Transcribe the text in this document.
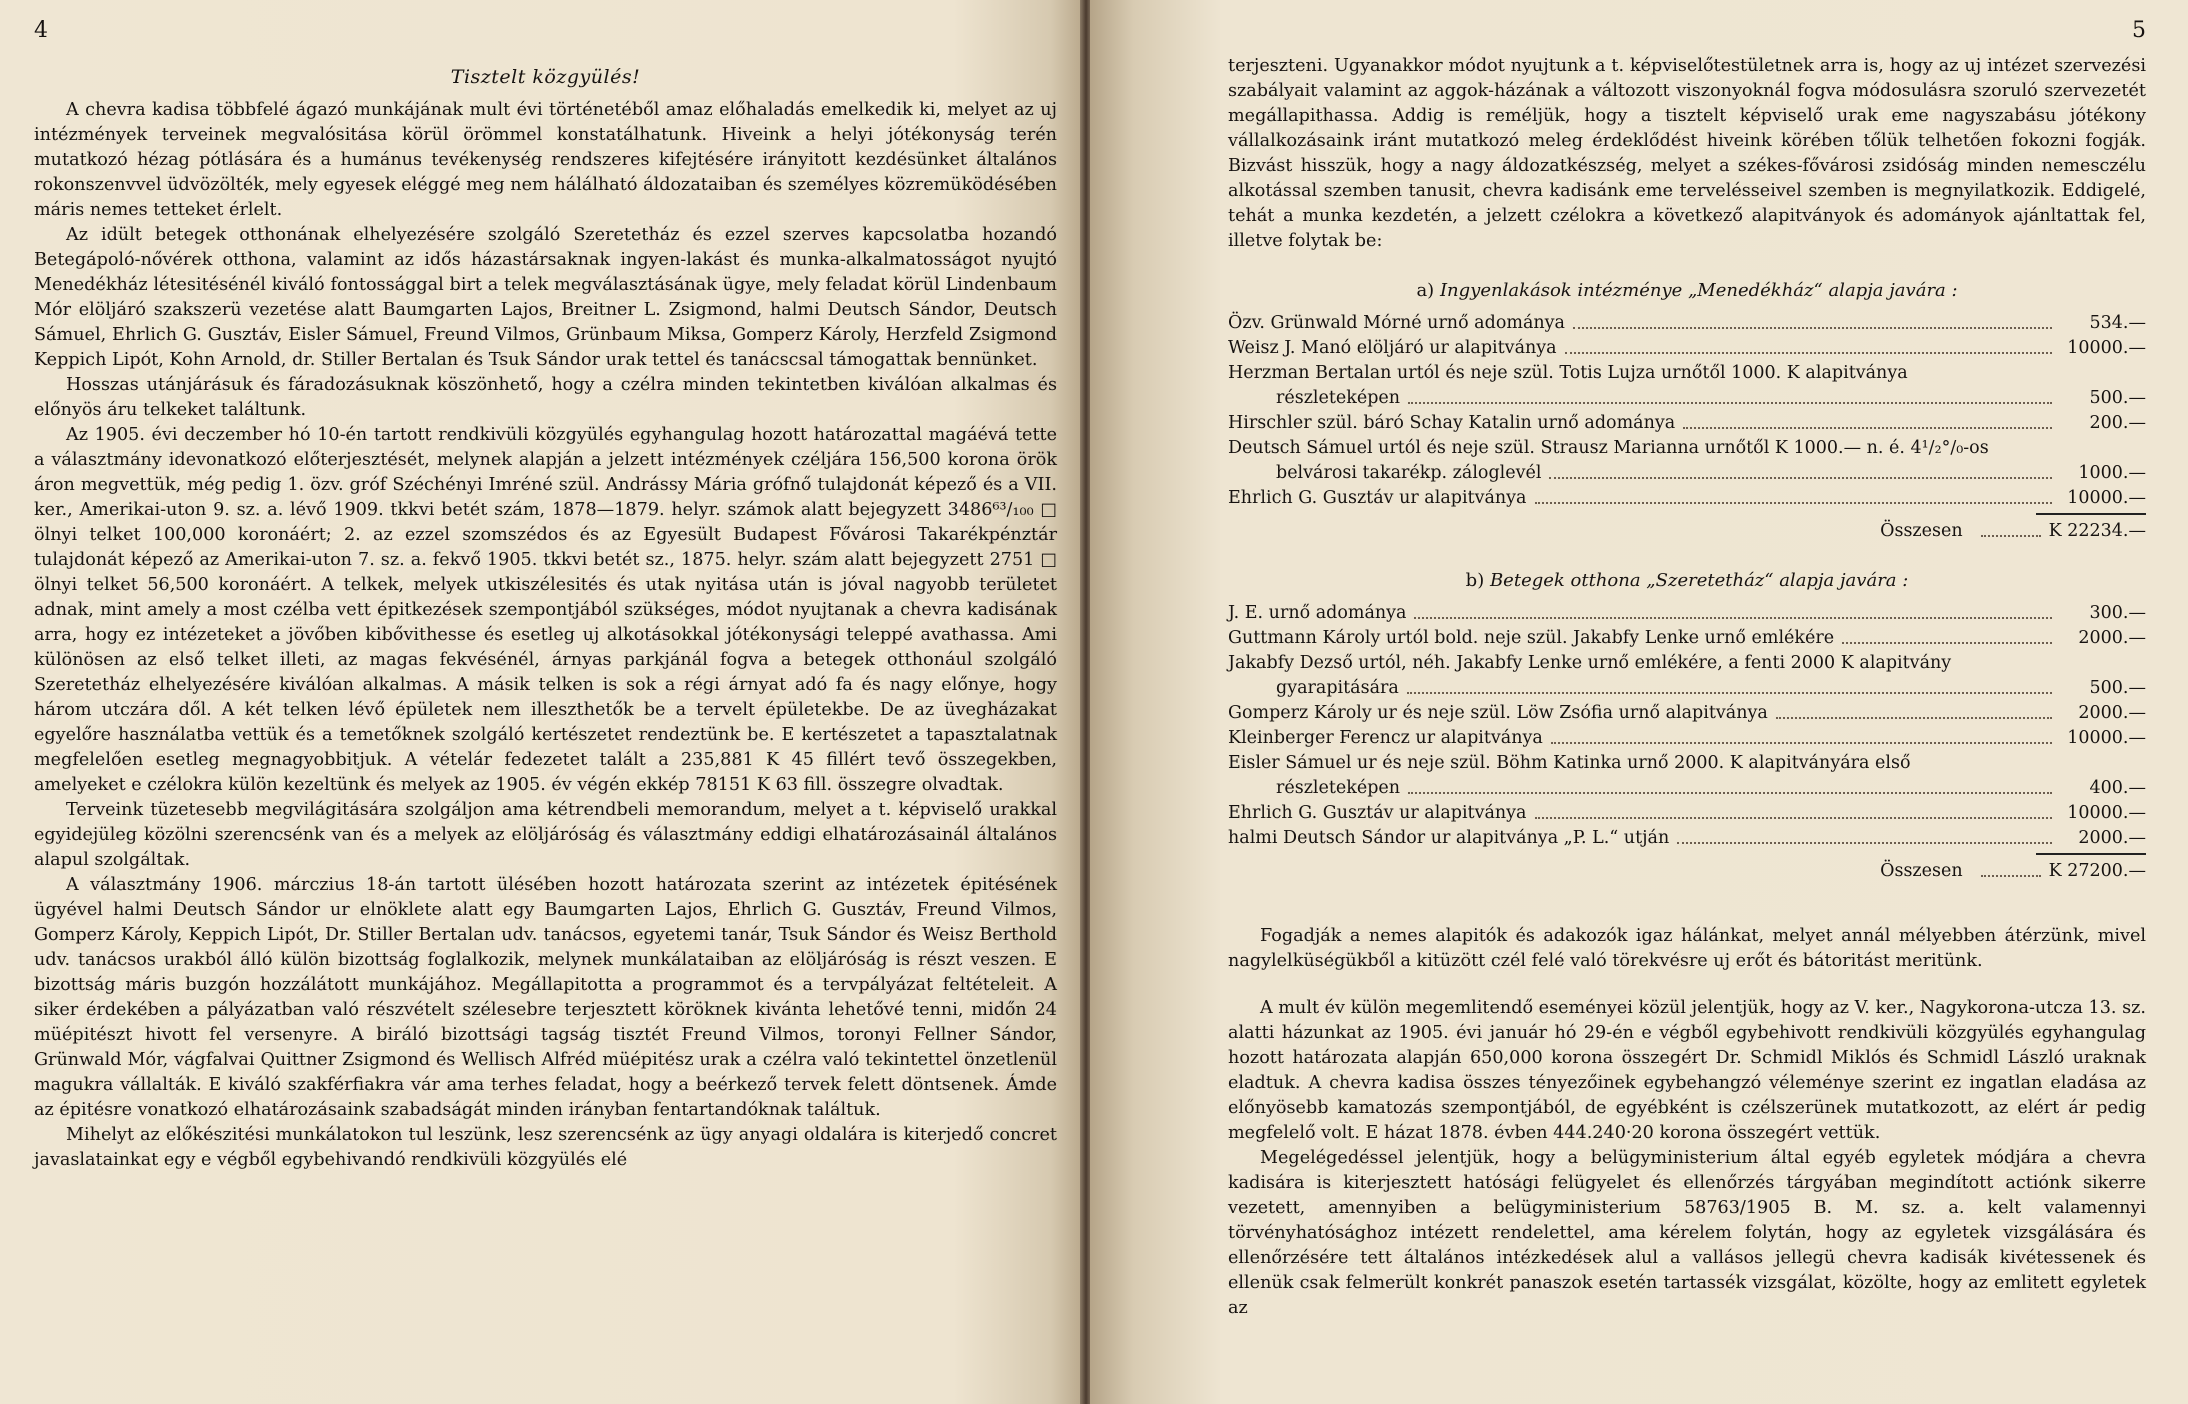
4
Tisztelt közgyülés!

A chevra kadisa többfelé ágazó munkájának mult évi történetéből amaz előhaladás emelkedik ki, melyet az uj intézmények terveinek megvalósitása körül örömmel konstatálhatunk. Hiveink a helyi jótékonyság terén mutatkozó hézag pótlására és a humánus tevékenység rendszeres kifejtésére irányitott kezdésünket általános rokonszenvvel üdvözölték, mely egyesek eléggé meg nem hálálható áldozataiban és személyes közremüködésében máris nemes tetteket érlelt.

Az idült betegek otthonának elhelyezésére szolgáló Szeretetház és ezzel szerves kapcsolatba hozandó Betegápoló-nővérek otthona, valamint az idős házastársaknak ingyen-lakást és munka-alkalmatosságot nyujtó Menedékház létesitésénél kiváló fontossággal birt a telek megválasztásának ügye, mely feladat körül Lindenbaum Mór elöljáró szakszerü vezetése alatt Baumgarten Lajos, Breitner L. Zsigmond, halmi Deutsch Sándor, Deutsch Sámuel, Ehrlich G. Gusztáv, Eisler Sámuel, Freund Vilmos, Grünbaum Miksa, Gomperz Károly, Herzfeld Zsigmond Keppich Lipót, Kohn Arnold, dr. Stiller Bertalan és Tsuk Sándor urak tettel és tanácscsal támogattak bennünket.

Hosszas utánjárásuk és fáradozásuknak köszönhető, hogy a czélra minden tekintetben kiválóan alkalmas és előnyös áru telkeket találtunk.

Az 1905. évi deczember hó 10-én tartott rendkivüli közgyülés egyhangulag hozott határozattal magáévá tette a választmány idevonatkozó előterjesztését, melynek alapján a jelzett intézmények czéljára 156,500 korona örök áron megvettük, még pedig 1. özv. gróf Széchényi Imréné szül. Andrássy Mária grófnő tulajdonát képező és a VII. ker., Amerikai-uton 9. sz. a. lévő 1909. tkkvi betét szám, 1878—1879. helyr. számok alatt bejegyzett 3486⁶³/₁₀₀ □ ölnyi telket 100,000 koronáért; 2. az ezzel szomszédos és az Egyesült Budapest Fővárosi Takarékpénztár tulajdonát képező az Amerikai-uton 7. sz. a. fekvő 1905. tkkvi betét sz., 1875. helyr. szám alatt bejegyzett 2751 □ ölnyi telket 56,500 koronáért. A telkek, melyek utkiszélesités és utak nyitása után is jóval nagyobb területet adnak, mint amely a most czélba vett épitkezések szempontjából szükséges, módot nyujtanak a chevra kadisának arra, hogy ez intézeteket a jövőben kibővithesse és esetleg uj alkotásokkal jótékonysági teleppé avathassa. Ami különösen az első telket illeti, az magas fekvésénél, árnyas parkjánál fogva a betegek otthonául szolgáló Szeretetház elhelyezésére kiválóan alkalmas. A másik telken is sok a régi árnyat adó fa és nagy előnye, hogy három utczára dől. A két telken lévő épületek nem illeszthetők be a tervelt épületekbe. De az üvegházakat egyelőre használatba vettük és a temetőknek szolgáló kertészetet rendeztünk be. E kertészetet a tapasztalatnak megfelelően esetleg megnagyobbitjuk. A vételár fedezetet talált a 235,881 K 45 fillért tevő összegekben, amelyeket e czélokra külön kezeltünk és melyek az 1905. év végén ekkép 78151 K 63 fill. összegre olvadtak.

Terveink tüzetesebb megvilágitására szolgáljon ama kétrendbeli memorandum, melyet a t. képviselő urakkal egyidejüleg közölni szerencsénk van és a melyek az elöljáróság és választmány eddigi elhatározásainál általános alapul szolgáltak.

A választmány 1906. márczius 18-án tartott ülésében hozott határozata szerint az intézetek épitésének ügyével halmi Deutsch Sándor ur elnöklete alatt egy Baumgarten Lajos, Ehrlich G. Gusztáv, Freund Vilmos, Gomperz Károly, Keppich Lipót, Dr. Stiller Bertalan udv. tanácsos, egyetemi tanár, Tsuk Sándor és Weisz Berthold udv. tanácsos urakból álló külön bizottság foglalkozik, melynek munkálataiban az elöljáróság is részt veszen. E bizottság máris buzgón hozzálátott munkájához. Megállapitotta a programmot és a tervpályázat feltételeit. A siker érdekében a pályázatban való részvételt szélesebre terjesztett köröknek kivánta lehetővé tenni, midőn 24 müépitészt hivott fel versenyre. A biráló bizottsági tagság tisztét Freund Vilmos, toronyi Fellner Sándor, Grünwald Mór, vágfalvai Quittner Zsigmond és Wellisch Alfréd müépitész urak a czélra való tekintettel önzetlenül magukra vállalták. E kiváló szakférfiakra vár ama terhes feladat, hogy a beérkező tervek felett döntsenek. Ámde az épitésre vonatkozó elhatározásaink szabadságát minden irányban fentartandóknak találtuk.

Mihelyt az előkészitési munkálatokon tul leszünk, lesz szerencsénk az ügy anyagi oldalára is kiterjedő concret javaslatainkat egy e végből egybehivandó rendkivüli közgyülés elé

5

terjeszteni. Ugyanakkor módot nyujtunk a t. képviselőtestületnek arra is, hogy az uj intézet szervezési szabályait valamint az aggok-házának a változott viszonyoknál fogva módosulásra szoruló szervezetét megállapithassa. Addig is reméljük, hogy a tisztelt képviselő urak eme nagyszabásu jótékony vállalkozásaink iránt mutatkozó meleg érdeklődést hiveink körében tőlük telhetően fokozni fogják. Bizvást hisszük, hogy a nagy áldozatkészség, melyet a székes-fővárosi zsidóság minden nemesczélu alkotással szemben tanusit, chevra kadisánk eme tervelésseivel szemben is megnyilatkozik. Eddigelé, tehát a munka kezdetén, a jelzett czélokra a következő alapitványok és adományok ajánltattak fel, illetve folytak be:

a) Ingyenlakások intézménye „Menedékház“ alapja javára :
Özv. Grünwald Mórné urnő adománya	534.—
Weisz J. Manó elöljáró ur alapitványa	10000.—
Herzman Bertalan urtól és neje szül. Totis Lujza urnőtől 1000. K alapitványa
részleteképen	500.—
Hirschler szül. báró Schay Katalin urnő adománya	200.—
Deutsch Sámuel urtól és neje szül. Strausz Marianna urnőtől K 1000.— n. é. 4¹/₂°/₀-os
belvárosi takarékp. záloglevél	1000.—
Ehrlich G. Gusztáv ur alapitványa	10000.—
Összesen	K 22234.—
b) Betegek otthona „Szeretetház“ alapja javára :
J. E. urnő adománya	300.—
Guttmann Károly urtól bold. neje szül. Jakabfy Lenke urnő emlékére	2000.—
Jakabfy Dezső urtól, néh. Jakabfy Lenke urnő emlékére, a fenti 2000 K alapitvány
gyarapitására	500.—
Gomperz Károly ur és neje szül. Löw Zsófia urnő alapitványa	2000.—
Kleinberger Ferencz ur alapitványa	10000.—
Eisler Sámuel ur és neje szül. Böhm Katinka urnő 2000. K alapitványára első
részleteképen	400.—
Ehrlich G. Gusztáv ur alapitványa	10000.—
halmi Deutsch Sándor ur alapitványa „P. L.“ utján	2000.—
Összesen	K 27200.—

Fogadják a nemes alapitók és adakozók igaz hálánkat, melyet annál mélyebben átérzünk, mivel nagylelküségükből a kitüzött czél felé való törekvésre uj erőt és bátoritást meritünk.

A mult év külön megemlitendő eseményei közül jelentjük, hogy az V. ker., Nagykorona-utcza 13. sz. alatti házunkat az 1905. évi január hó 29-én e végből egybehivott rendkivüli közgyülés egyhangulag hozott határozata alapján 650,000 korona összegért Dr. Schmidl Miklós és Schmidl László uraknak eladtuk. A chevra kadisa összes tényezőinek egybehangzó véleménye szerint ez ingatlan eladása az előnyösebb kamatozás szempontjából, de egyébként is czélszerünek mutatkozott, az elért ár pedig megfelelő volt. E házat 1878. évben 444.240·20 korona összegért vettük.

Megelégedéssel jelentjük, hogy a belügyministerium által egyéb egyletek módjára a chevra kadisára is kiterjesztett hatósági felügyelet és ellenőrzés tárgyában megindított actiónk sikerre vezetett, amennyiben a belügyministerium 58763/1905 B. M. sz. a. kelt valamennyi törvényhatósághoz intézett rendelettel, ama kérelem folytán, hogy az egyletek vizsgálására és ellenőrzésére tett általános intézkedések alul a vallásos jellegü chevra kadisák kivétessenek és ellenük csak felmerült konkrét panaszok esetén tartassék vizsgálat, közölte, hogy az emlitett egyletek az
